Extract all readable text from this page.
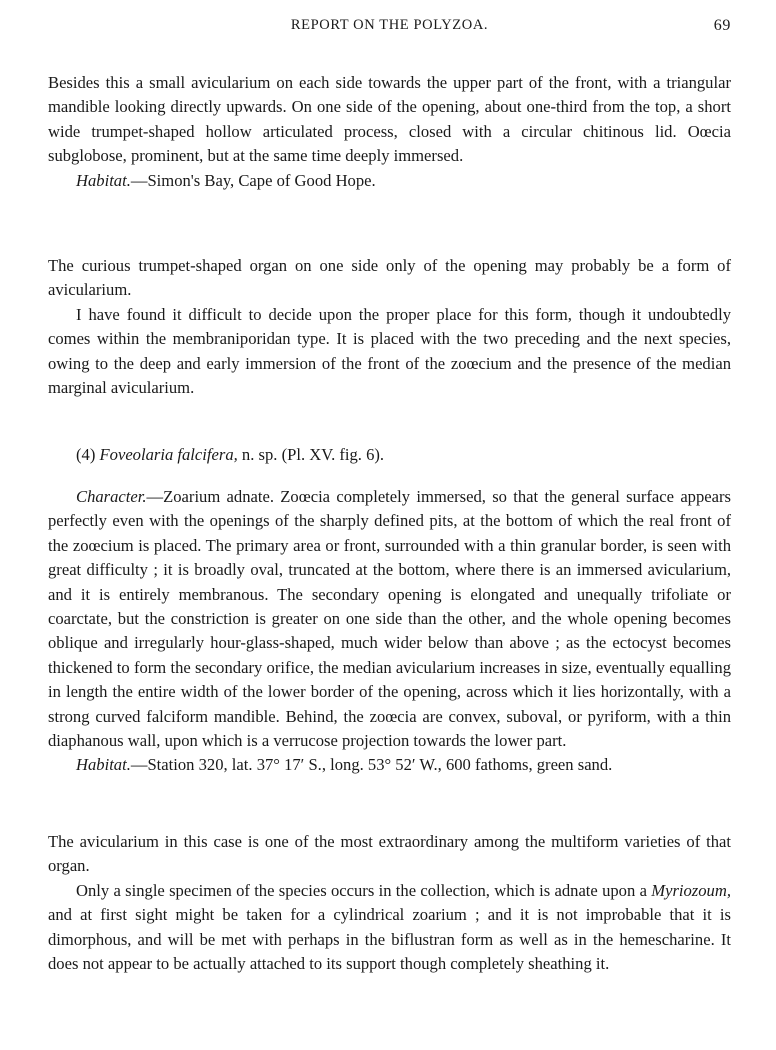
REPORT ON THE POLYZOA.	69

Besides this a small avicularium on each side towards the upper part of the front, with a triangular mandible looking directly upwards. On one side of the opening, about one-third from the top, a short wide trumpet-shaped hollow articulated process, closed with a circular chitinous lid. Oœcia subglobose, prominent, but at the same time deeply immersed.

Habitat.—Simon's Bay, Cape of Good Hope.

The curious trumpet-shaped organ on one side only of the opening may probably be a form of avicularium.

I have found it difficult to decide upon the proper place for this form, though it undoubtedly comes within the membraniporidan type. It is placed with the two preceding and the next species, owing to the deep and early immersion of the front of the zoœcium and the presence of the median marginal avicularium.

(4) Foveolaria falcifera, n. sp. (Pl. XV. fig. 6).

Character.—Zoarium adnate. Zoœcia completely immersed, so that the general surface appears perfectly even with the openings of the sharply defined pits, at the bottom of which the real front of the zoœcium is placed. The primary area or front, surrounded with a thin granular border, is seen with great difficulty ; it is broadly oval, truncated at the bottom, where there is an immersed avicularium, and it is entirely membranous. The secondary opening is elongated and unequally trifoliate or coarctate, but the constriction is greater on one side than the other, and the whole opening becomes oblique and irregularly hour-glass-shaped, much wider below than above ; as the ectocyst becomes thickened to form the secondary orifice, the median avicularium increases in size, eventually equalling in length the entire width of the lower border of the opening, across which it lies horizontally, with a strong curved falciform mandible. Behind, the zoœcia are convex, suboval, or pyriform, with a thin diaphanous wall, upon which is a verrucose projection towards the lower part.

Habitat.—Station 320, lat. 37° 17′ S., long. 53° 52′ W., 600 fathoms, green sand.

The avicularium in this case is one of the most extraordinary among the multiform varieties of that organ.

Only a single specimen of the species occurs in the collection, which is adnate upon a Myriozoum, and at first sight might be taken for a cylindrical zoarium ; and it is not improbable that it is dimorphous, and will be met with perhaps in the biflustran form as well as in the hemescharine. It does not appear to be actually attached to its support though completely sheathing it.
